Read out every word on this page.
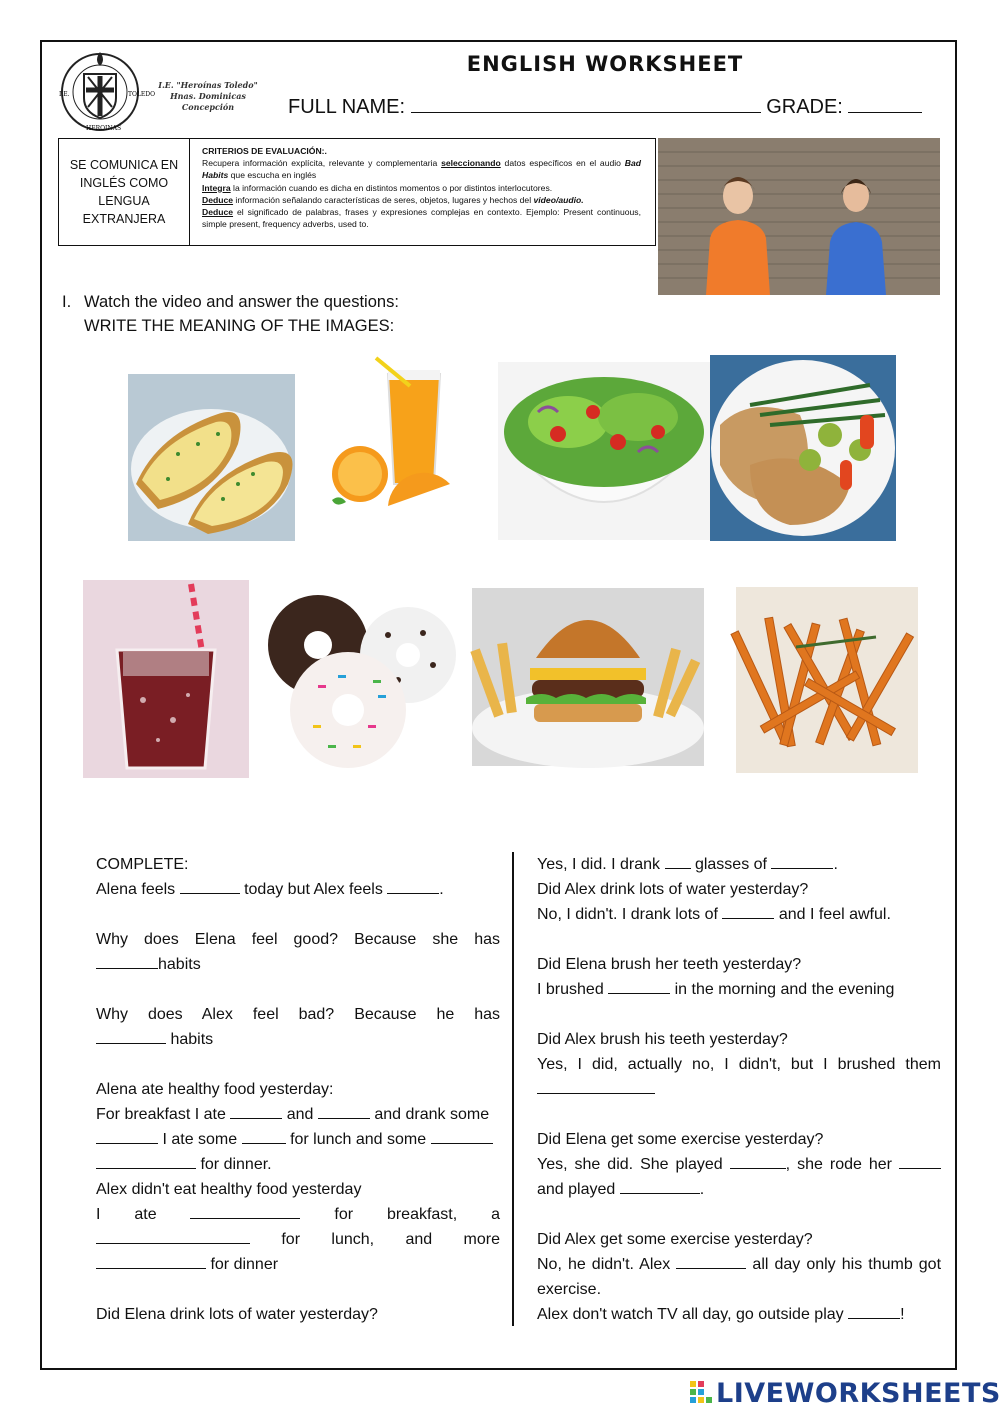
I.E.
HEROINAS
TOLEDO
I.E. "Heroínas Toledo"
Hnas. Dominicas
Concepción
ENGLISH WORKSHEET
FULL NAME:	GRADE:
SE COMUNICA EN INGLÉS COMO LENGUA EXTRANJERA
CRITERIOS DE EVALUACIÓN:.
Recupera información explícita, relevante y complementaria seleccionando datos específicos en el audio Bad Habits que escucha en inglés
Integra la información cuando es dicha en distintos momentos o por distintos interlocutores.
Deduce información señalando características de seres, objetos, lugares y hechos del video/audio.
Deduce el significado de palabras, frases y expresiones complejas en contexto. Ejemplo: Present continuous, simple present, frequency adverbs, used to.
I. Watch the video and answer the questions:
WRITE THE MEANING OF THE IMAGES:

COMPLETE:

Alena feels	today but Alex feels	.

Why does Elena feel good? Because she has

habits

Why does Alex feel bad? Because he has

habits

Alena ate healthy food yesterday:

For breakfast I ate	and	and drank some

I ate some	for lunch and some

for dinner.

Alex didn't eat healthy food yesterday

I ate	for breakfast, a

for lunch, and more

for dinner

Did Elena drink lots of water yesterday?

Yes, I did. I drank glasses of	.

Did Alex drink lots of water yesterday?

No, I didn't. I drank lots of	and I feel awful.

Did Elena brush her teeth yesterday?

I brushed	in the morning and the evening

Did Alex brush his teeth yesterday?

Yes, I did, actually no, I didn't, but I brushed them

Did Elena get some exercise yesterday?

Yes, she did. She played	, she rode her

and played	.

Did Alex get some exercise yesterday?

No, he didn't. Alex	all day only his thumb got

exercise.

Alex don't watch TV all day, go outside play	!

LIVEWORKSHEETS
